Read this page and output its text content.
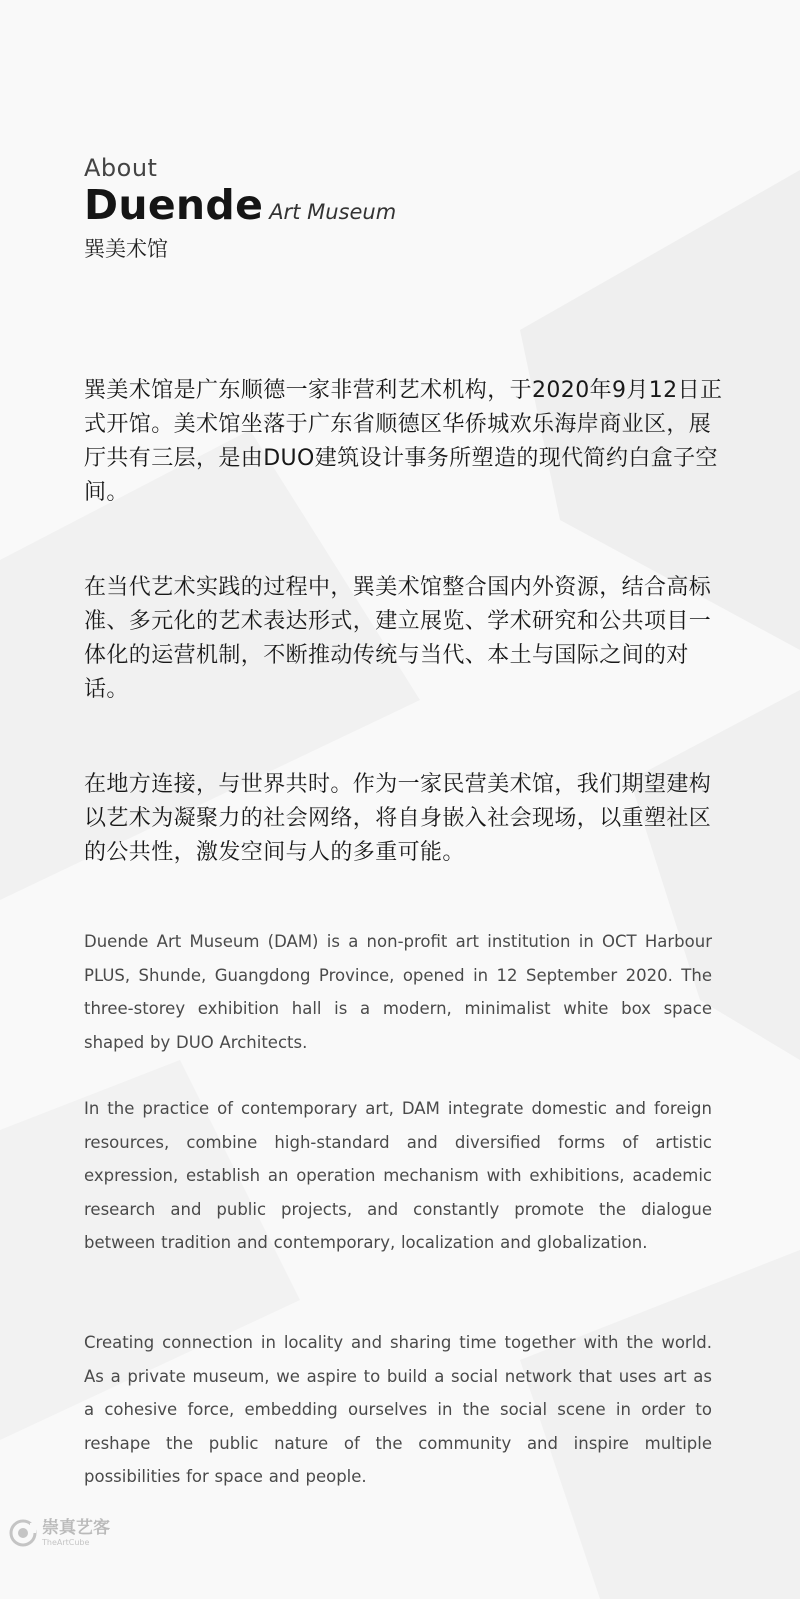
About
Duende Art Museum
巽美术馆

巽美术馆是广东顺德一家非营利艺术机构，于2020年9月12日正式开馆。美术馆坐落于广东省顺德区华侨城欢乐海岸商业区，展厅共有三层，是由DUO建筑设计事务所塑造的现代简约白盒子空间。

在当代艺术实践的过程中，巽美术馆整合国内外资源，结合高标准、多元化的艺术表达形式，建立展览、学术研究和公共项目一体化的运营机制，不断推动传统与当代、本土与国际之间的对话。

在地方连接，与世界共时。作为一家民营美术馆，我们期望建构以艺术为凝聚力的社会网络，将自身嵌入社会现场，以重塑社区的公共性，激发空间与人的多重可能。

Duende Art Museum (DAM) is a non-profit art institution in OCT Harbour PLUS, Shunde, Guangdong Province, opened in 12 September 2020. The three-storey exhibition hall is a modern, minimalist white box space shaped by DUO Architects.

In the practice of contemporary art, DAM integrate domestic and foreign resources, combine high-standard and diversified forms of artistic expression, establish an operation mechanism with exhibitions, academic research and public projects, and constantly promote the dialogue between tradition and contemporary, localization and globalization.

Creating connection in locality and sharing time together with the world. As a private museum, we aspire to build a social network that uses art as a cohesive force, embedding ourselves in the social scene in order to reshape the public nature of the community and inspire multiple possibilities for space and people.

崇真艺客
TheArtCube
